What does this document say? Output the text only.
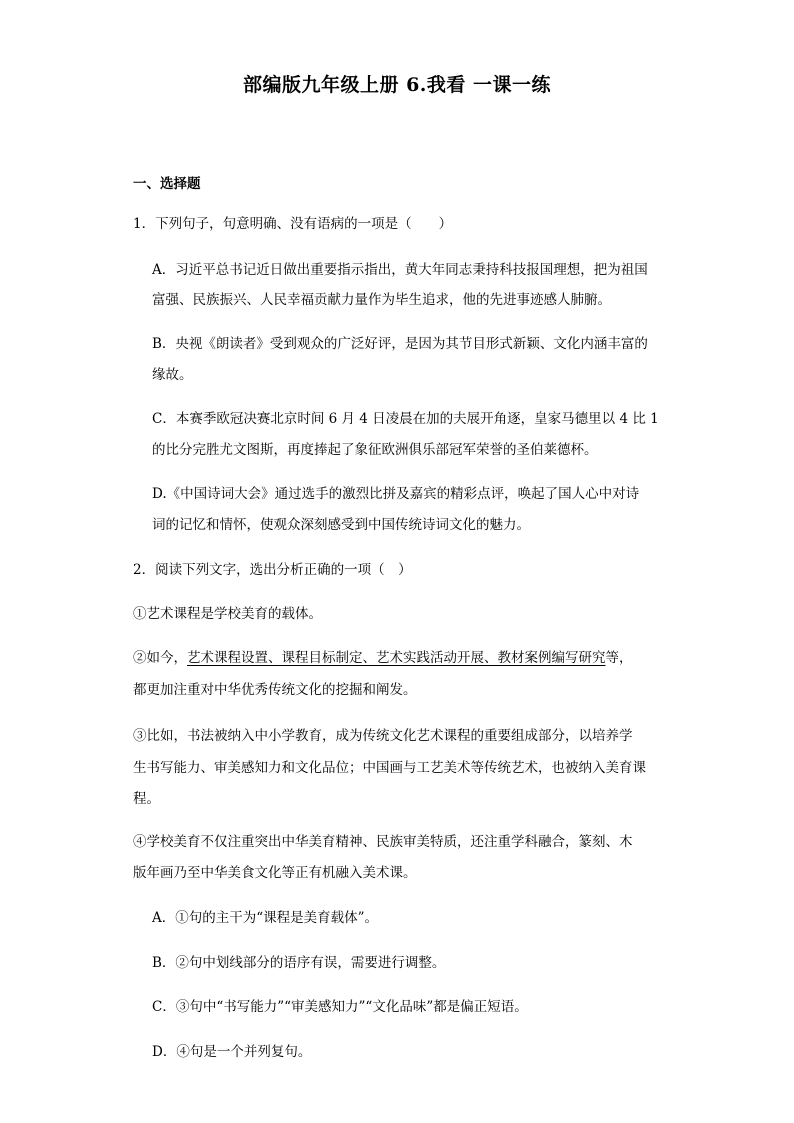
部编版九年级上册 6.我看 一课一练
一、选择题
1．下列句子，句意明确、没有语病的一项是（　　）
A．习近平总书记近日做出重要指示指出，黄大年同志秉持科技报国理想，把为祖国
富强、民族振兴、人民幸福贡献力量作为毕生追求，他的先进事迹感人肺腑。
B．央视《朗读者》受到观众的广泛好评，是因为其节目形式新颖、文化内涵丰富的
缘故。
C．本赛季欧冠决赛北京时间 6 月 4 日凌晨在加的夫展开角逐，皇家马德里以 4 比 1
的比分完胜尤文图斯，再度捧起了象征欧洲俱乐部冠军荣誉的圣伯莱德杯。
D.《中国诗词大会》通过选手的激烈比拼及嘉宾的精彩点评，唤起了国人心中对诗
词的记忆和情怀，使观众深刻感受到中国传统诗词文化的魅力。
2．阅读下列文字，选出分析正确的一项（　）
①艺术课程是学校美育的载体。
②如今，艺术课程设置、课程目标制定、艺术实践活动开展、教材案例编写研究等，
都更加注重对中华优秀传统文化的挖掘和阐发。
③比如，书法被纳入中小学教育，成为传统文化艺术课程的重要组成部分，以培养学
生书写能力、审美感知力和文化品位；中国画与工艺美术等传统艺术，也被纳入美育课
程。
④学校美育不仅注重突出中华美育精神、民族审美特质，还注重学科融合，篆刻、木
版年画乃至中华美食文化等正有机融入美术课。
A．①句的主干为“课程是美育载体”。
B．②句中划线部分的语序有误，需要进行调整。
C．③句中“书写能力”“审美感知力”“文化品味”都是偏正短语。
D．④句是一个并列复句。
